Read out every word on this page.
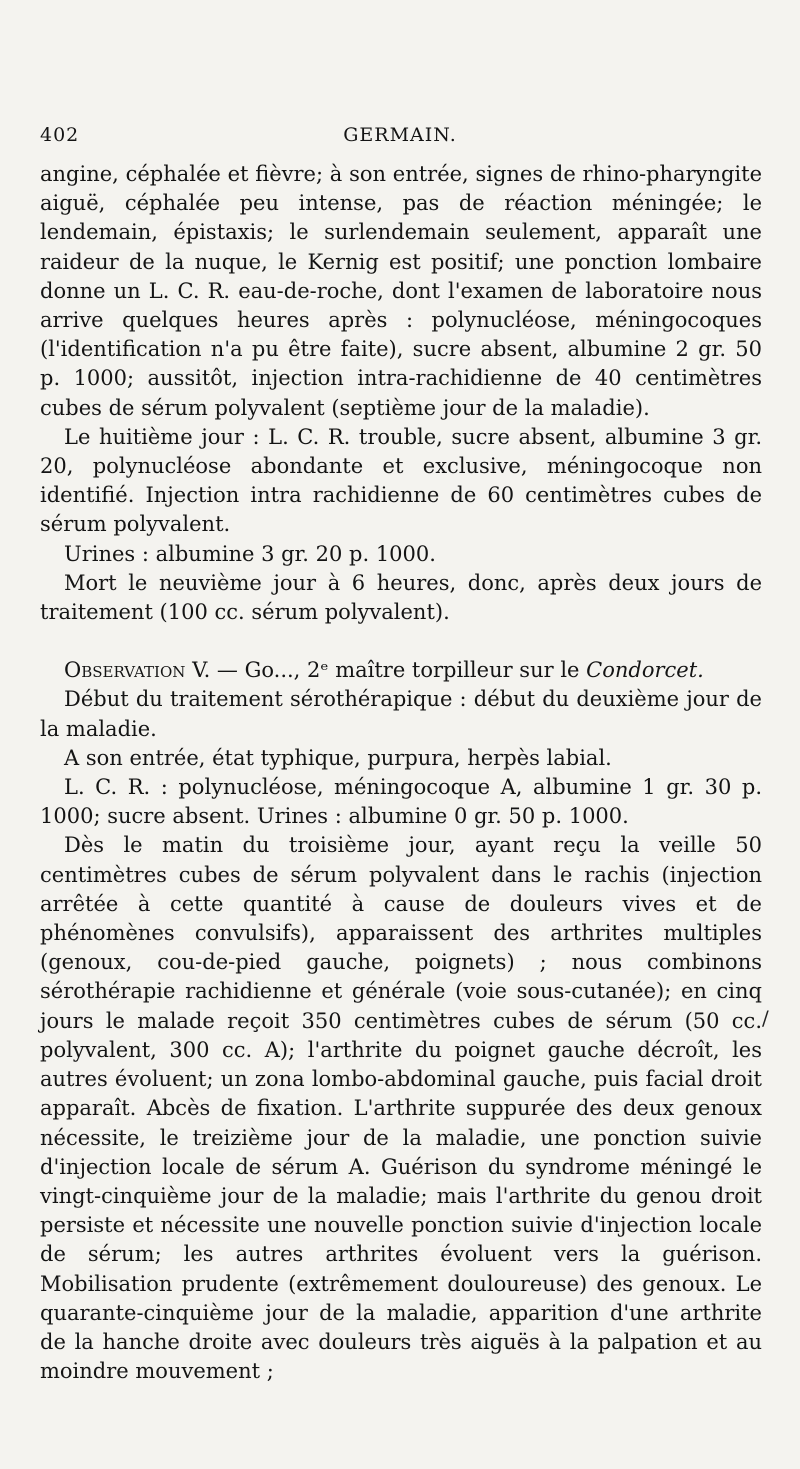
402	GERMAIN.

angine, céphalée et fièvre; à son entrée, signes de rhino-pharyngite aiguë, céphalée peu intense, pas de réaction méningée; le lendemain, épistaxis; le surlendemain seulement, apparaît une raideur de la nuque, le Kernig est positif; une ponction lombaire donne un L. C. R. eau-de-roche, dont l'examen de laboratoire nous arrive quelques heures après : polynucléose, méningocoques (l'identification n'a pu être faite), sucre absent, albumine 2 gr. 50 p. 1000; aussitôt, injection intra-rachidienne de 40 centimètres cubes de sérum polyvalent (septième jour de la maladie).

Le huitième jour : L. C. R. trouble, sucre absent, albumine 3 gr. 20, polynucléose abondante et exclusive, méningocoque non identifié. Injection intra rachidienne de 60 centimètres cubes de sérum polyvalent.

Urines : albumine 3 gr. 20 p. 1000.

Mort le neuvième jour à 6 heures, donc, après deux jours de traitement (100 cc. sérum polyvalent).

Observation V. — Go..., 2ᵉ maître torpilleur sur le Condorcet.

Début du traitement sérothérapique : début du deuxième jour de la maladie.

A son entrée, état typhique, purpura, herpès labial.

L. C. R. : polynucléose, méningocoque A, albumine 1 gr. 30 p. 1000; sucre absent. Urines : albumine 0 gr. 50 p. 1000.

Dès le matin du troisième jour, ayant reçu la veille 50 centimètres cubes de sérum polyvalent dans le rachis (injection arrêtée à cette quantité à cause de douleurs vives et de phénomènes convulsifs), apparaissent des arthrites multiples (genoux, cou-de-pied gauche, poignets) ; nous combinons sérothérapie rachidienne et générale (voie sous-cutanée); en cinq jours le malade reçoit 350 centimètres cubes de sérum (50 cc. polyvalent, 300 cc. A); l'arthrite du poignet gauche décroît, les autres évoluent; un zona lombo-abdominal gauche, puis facial droit apparaît. Abcès de fixation. L'arthrite suppurée des deux genoux nécessite, le treizième jour de la maladie, une ponction suivie d'injection locale de sérum A. Guérison du syndrome méningé le vingt-cinquième jour de la maladie; mais l'arthrite du genou droit persiste et nécessite une nouvelle ponction suivie d'injection locale de sérum; les autres arthrites évoluent vers la guérison. Mobilisation prudente (extrêmement douloureuse) des genoux. Le quarante-cinquième jour de la maladie, apparition d'une arthrite de la hanche droite avec douleurs très aiguës à la palpation et au moindre mouvement ;

/
